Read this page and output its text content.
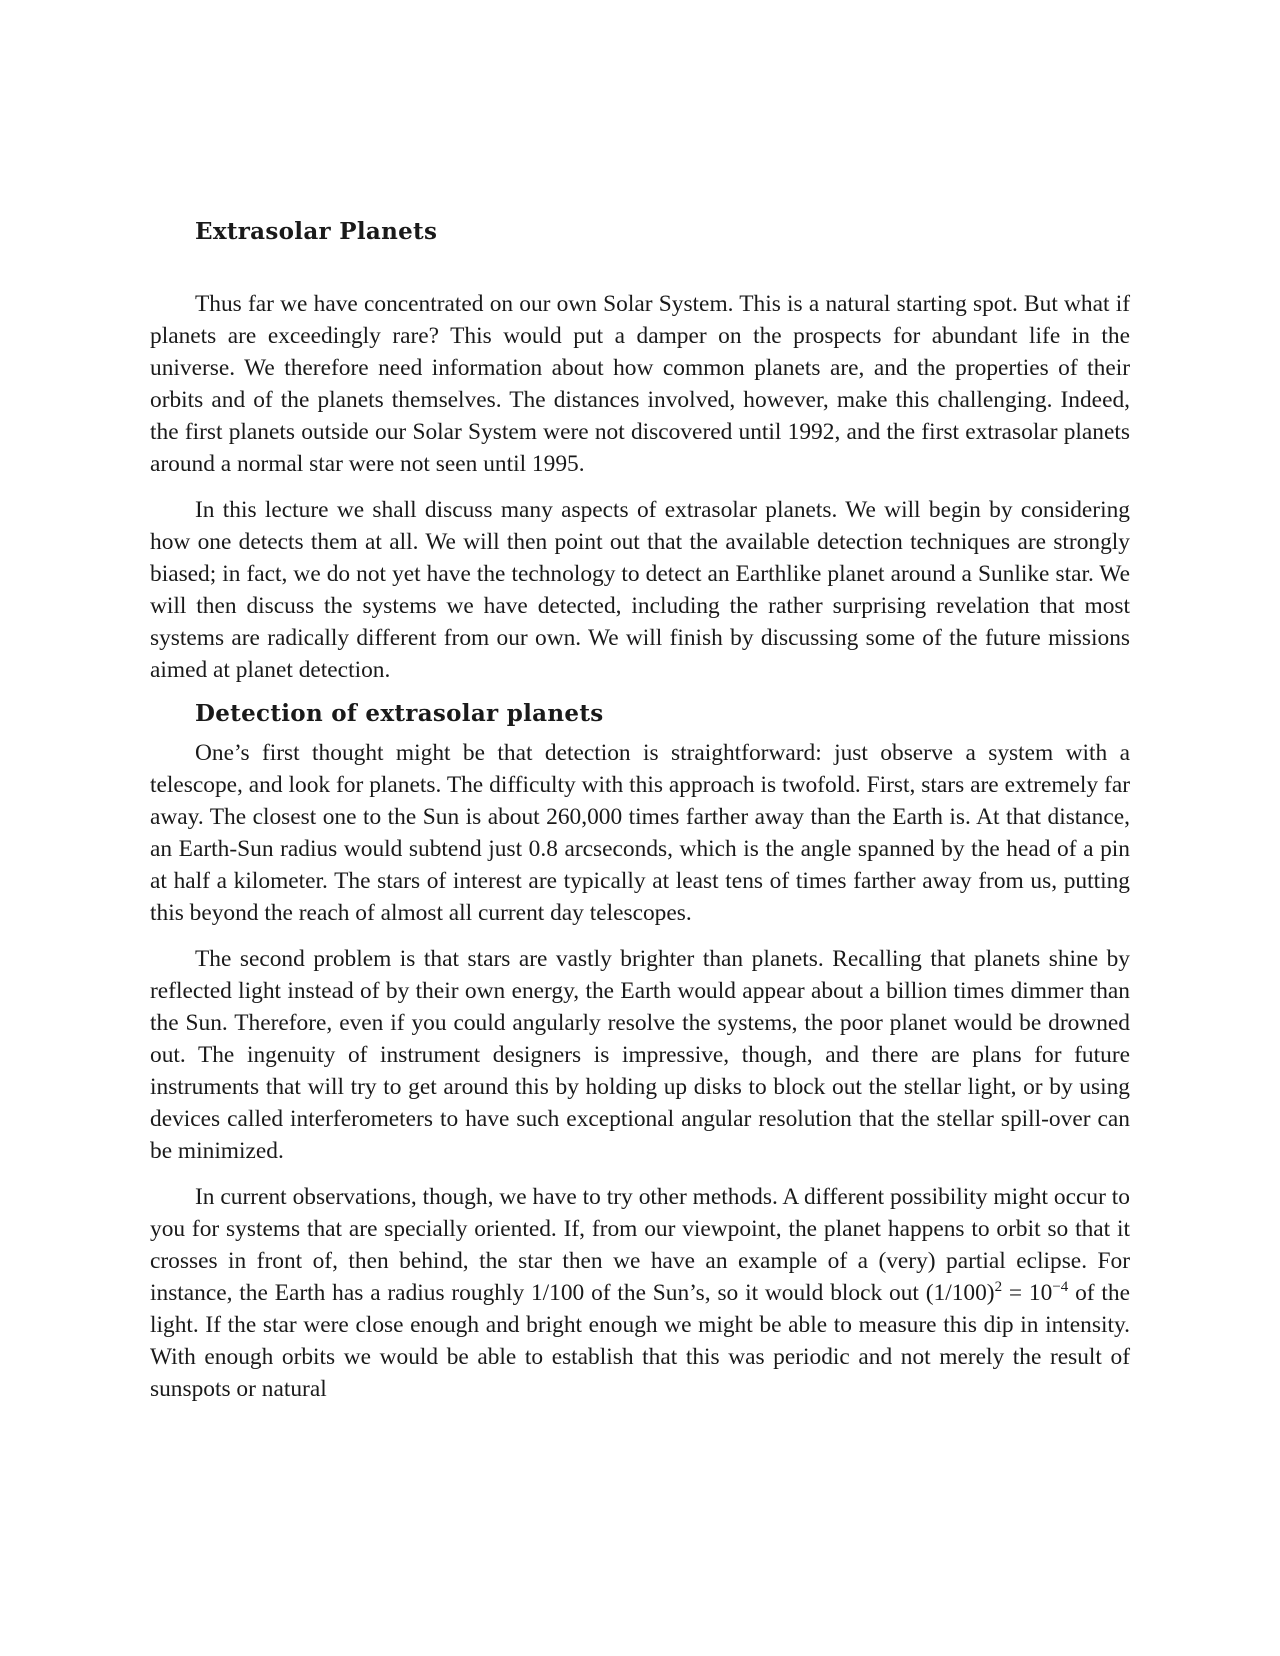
Extrasolar Planets

Thus far we have concentrated on our own Solar System. This is a natural starting spot. But what if planets are exceedingly rare? This would put a damper on the prospects for abundant life in the universe. We therefore need information about how common planets are, and the properties of their orbits and of the planets themselves. The distances involved, however, make this challenging. Indeed, the first planets outside our Solar System were not discovered until 1992, and the first extrasolar planets around a normal star were not seen until 1995.

In this lecture we shall discuss many aspects of extrasolar planets. We will begin by considering how one detects them at all. We will then point out that the available detection techniques are strongly biased; in fact, we do not yet have the technology to detect an Earthlike planet around a Sunlike star. We will then discuss the systems we have detected, including the rather surprising revelation that most systems are radically different from our own. We will finish by discussing some of the future missions aimed at planet detection.

Detection of extrasolar planets

One’s first thought might be that detection is straightforward: just observe a system with a telescope, and look for planets. The difficulty with this approach is twofold. First, stars are extremely far away. The closest one to the Sun is about 260,000 times farther away than the Earth is. At that distance, an Earth-Sun radius would subtend just 0.8 arcseconds, which is the angle spanned by the head of a pin at half a kilometer. The stars of interest are typically at least tens of times farther away from us, putting this beyond the reach of almost all current day telescopes.

The second problem is that stars are vastly brighter than planets. Recalling that planets shine by reflected light instead of by their own energy, the Earth would appear about a billion times dimmer than the Sun. Therefore, even if you could angularly resolve the systems, the poor planet would be drowned out. The ingenuity of instrument designers is impressive, though, and there are plans for future instruments that will try to get around this by holding up disks to block out the stellar light, or by using devices called interferometers to have such exceptional angular resolution that the stellar spill-over can be minimized.

In current observations, though, we have to try other methods. A different possibility might occur to you for systems that are specially oriented. If, from our viewpoint, the planet happens to orbit so that it crosses in front of, then behind, the star then we have an example of a (very) partial eclipse. For instance, the Earth has a radius roughly 1/100 of the Sun’s, so it would block out $(1/100)^2 = 10^{-4}$ of the light. If the star were close enough and bright enough we might be able to measure this dip in intensity. With enough orbits we would be able to establish that this was periodic and not merely the result of sunspots or natural
